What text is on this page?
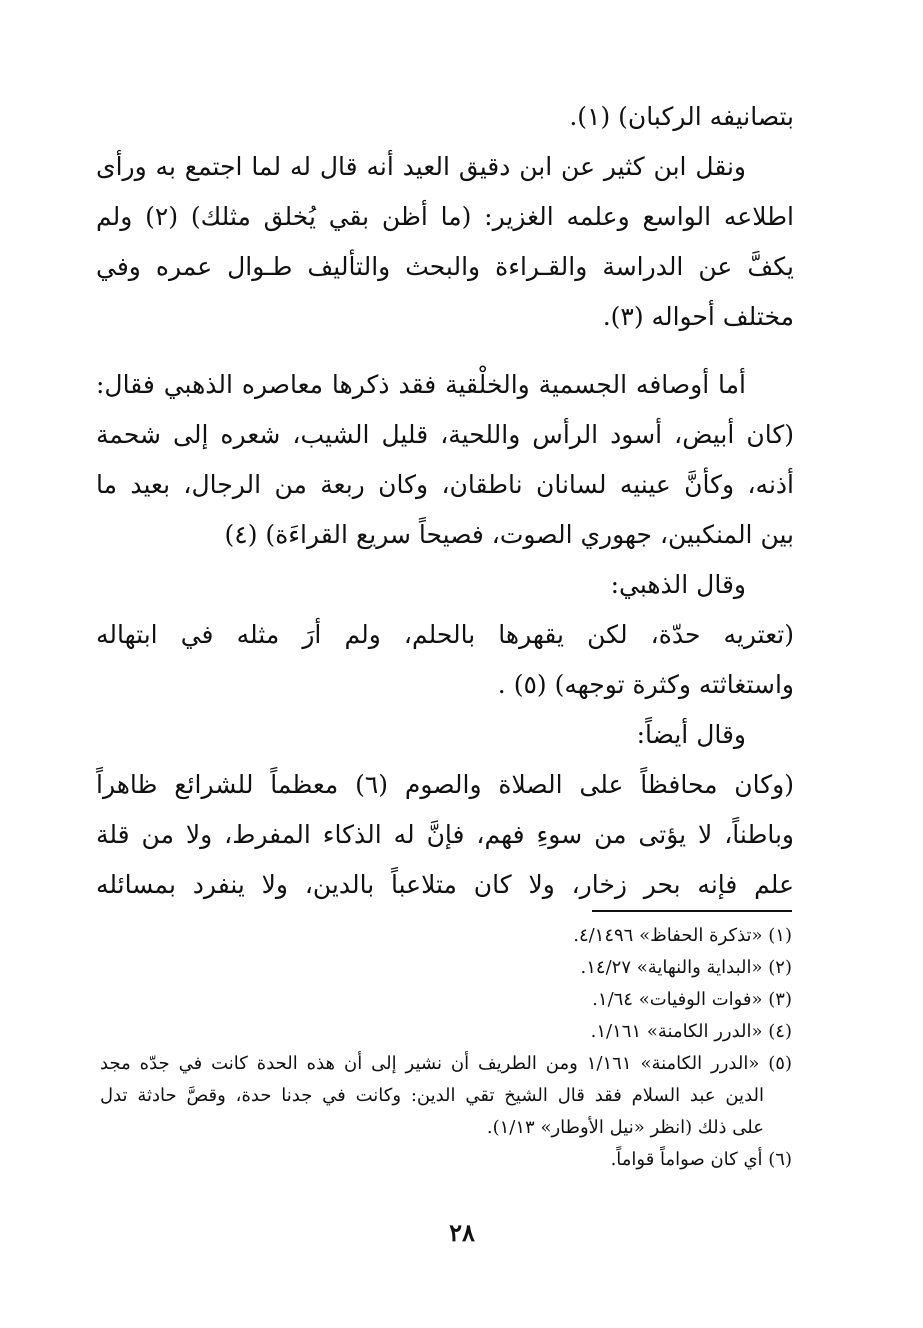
بتصانيفه الركبان) (١).
ونقل ابن كثير عن ابن دقيق العيد أنه قال له لما اجتمع به ورأى
اطلاعه الواسع وعلمه الغزير: (ما أظن بقي يُخلق مثلك) (٢) ولم
يكفَّ عن الدراسة والقـراءة والبحث والتأليف طـوال عمره وفي
مختلف أحواله (٣).
أما أوصافه الجسمية والخلْقية فقد ذكرها معاصره الذهبي فقال:
(كان أبيض، أسود الرأس واللحية، قليل الشيب، شعره إلى شحمة
أذنه، وكأنَّ عينيه لسانان ناطقان، وكان ربعة من الرجال، بعيد ما
بين المنكبين، جهوري الصوت، فصيحاً سريع القراءَة) (٤)
وقال الذهبي:
(تعتريه حدّة، لكن يقهرها بالحلم، ولم أرَ مثله في ابتهاله
واستغاثته وكثرة توجهه) (٥) .
وقال أيضاً:
(وكان محافظاً على الصلاة والصوم (٦) معظماً للشرائع ظاهراً
وباطناً، لا يؤتى من سوءِ فهم، فإنَّ له الذكاء المفرط، ولا من قلة
علم فإنه بحر زخار، ولا كان متلاعباً بالدين، ولا ينفرد بمسائله
(١) «تذكرة الحفاظ» ٤/١٤٩٦.
(٢) «البداية والنهاية» ١٤/٢٧.
(٣) «فوات الوفيات» ١/٦٤.
(٤) «الدرر الكامنة» ١/١٦١.
(٥) «الدرر الكامنة» ١/١٦١ ومن الطريف أن نشير إلى أن هذه الحدة كانت في جدّه مجد
الدين عبد السلام فقد قال الشيخ تقي الدين: وكانت في جدنا حدة، وقصَّ حادثة تدل
على ذلك (انظر «نيل الأوطار» ١/١٣).
(٦) أي كان صواماً قواماً.
٢٨
